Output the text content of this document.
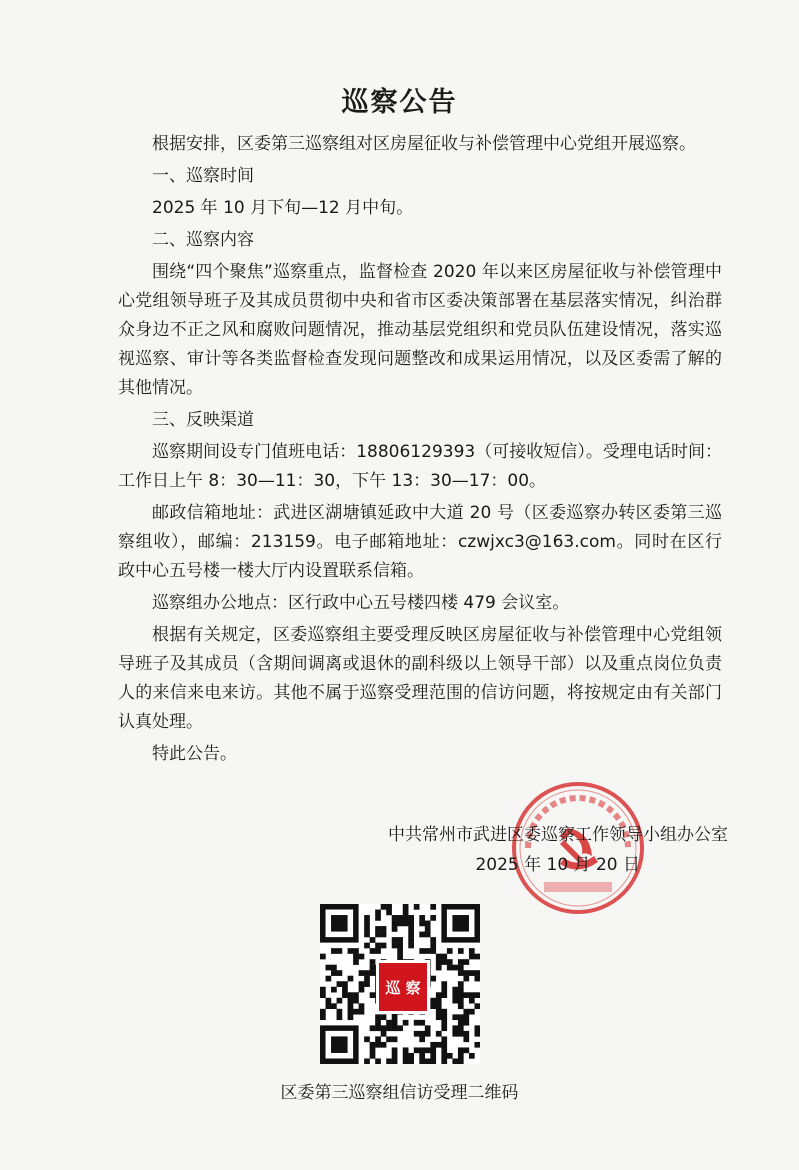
巡察公告

根据安排，区委第三巡察组对区房屋征收与补偿管理中心党组开展巡察。

一、巡察时间

2025 年 10 月下旬—12 月中旬。

二、巡察内容

围绕“四个聚焦”巡察重点，监督检查 2020 年以来区房屋征收与补偿管理中心党组领导班子及其成员贯彻中央和省市区委决策部署在基层落实情况，纠治群众身边不正之风和腐败问题情况，推动基层党组织和党员队伍建设情况，落实巡视巡察、审计等各类监督检查发现问题整改和成果运用情况，以及区委需了解的其他情况。

三、反映渠道

巡察期间设专门值班电话：18806129393（可接收短信）。受理电话时间：工作日上午 8：30—11：30，下午 13：30—17：00。

邮政信箱地址：武进区湖塘镇延政中大道 20 号（区委巡察办转区委第三巡察组收），邮编：213159。电子邮箱地址：czwjxc3@163.com。同时在区行政中心五号楼一楼大厅内设置联系信箱。

巡察组办公地点：区行政中心五号楼四楼 479 会议室。

根据有关规定，区委巡察组主要受理反映区房屋征收与补偿管理中心党组领导班子及其成员（含期间调离或退休的副科级以上领导干部）以及重点岗位负责人的来信来电来访。其他不属于巡察受理范围的信访问题，将按规定由有关部门认真处理。

特此公告。

中共常州市武进区委巡察工作领导小组办公室
2025 年 10 月 20 日
巡 察
区委第三巡察组信访受理二维码
